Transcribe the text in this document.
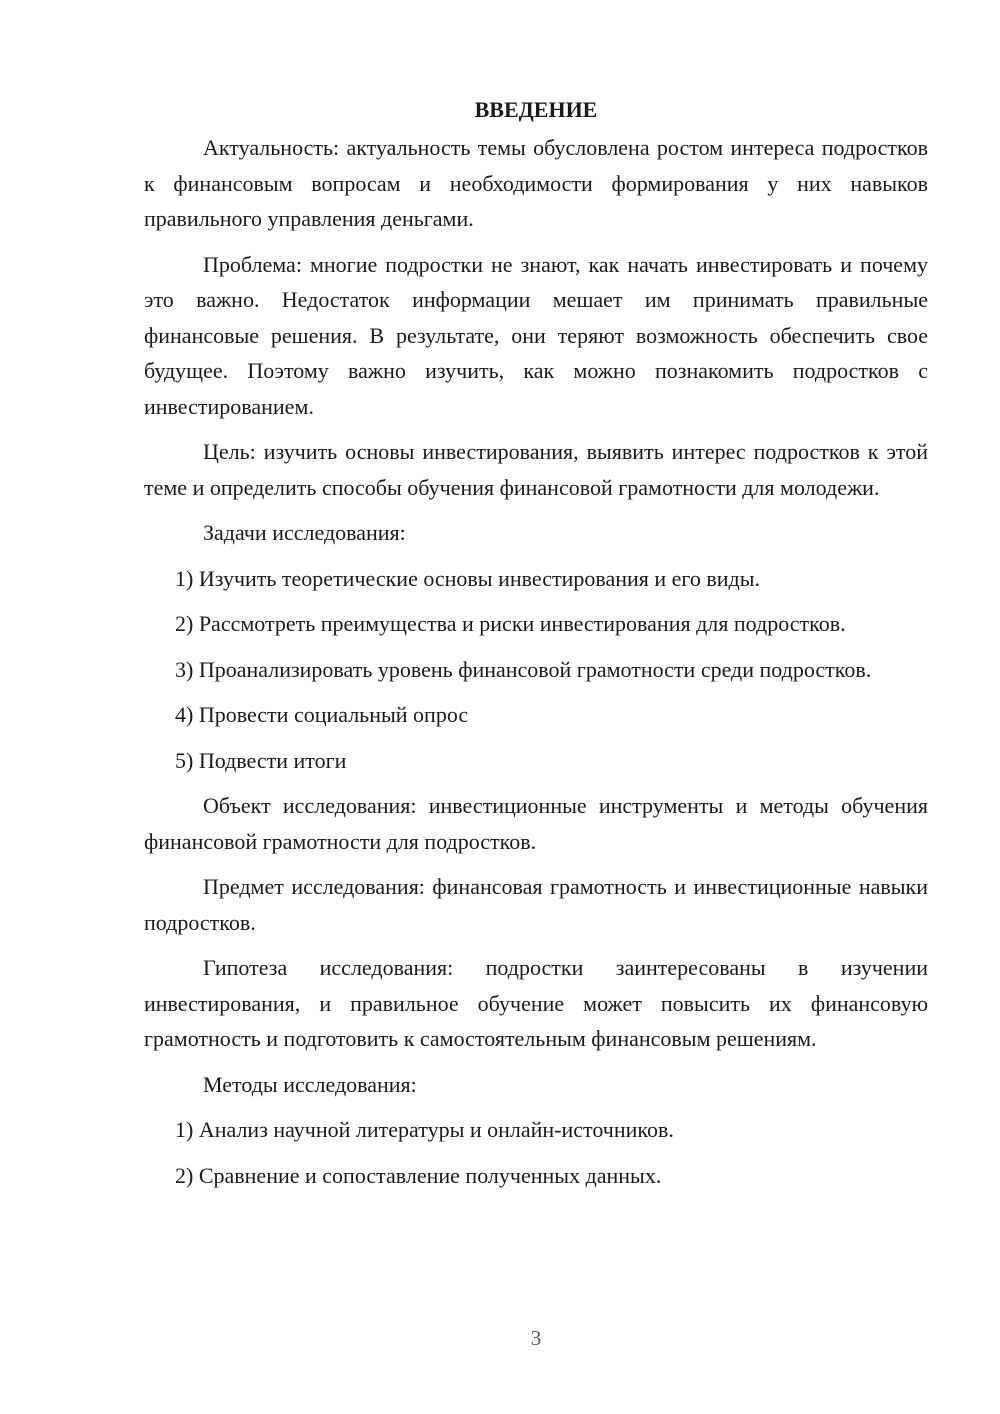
ВВЕДЕНИЕ

Актуальность: актуальность темы обусловлена ростом интереса подростков к финансовым вопросам и необходимости формирования у них навыков правильного управления деньгами.

Проблема: многие подростки не знают, как начать инвестировать и почему это важно. Недостаток информации мешает им принимать правильные финансовые решения. В результате, они теряют возможность обеспечить свое будущее. Поэтому важно изучить, как можно познакомить подростков с инвестированием.

Цель: изучить основы инвестирования, выявить интерес подростков к этой теме и определить способы обучения финансовой грамотности для молодежи.

Задачи исследования:

1) Изучить теоретические основы инвестирования и его виды.

2) Рассмотреть преимущества и риски инвестирования для подростков.

3) Проанализировать уровень финансовой грамотности среди подростков.

4) Провести социальный опрос

5) Подвести итоги

Объект исследования: инвестиционные инструменты и методы обучения финансовой грамотности для подростков.

Предмет исследования: финансовая грамотность и инвестиционные навыки подростков.

Гипотеза исследования: подростки заинтересованы в изучении инвестирования, и правильное обучение может повысить их финансовую грамотность и подготовить к самостоятельным финансовым решениям.

Методы исследования:

1) Анализ научной литературы и онлайн-источников.

2) Сравнение и сопоставление полученных данных.

3
